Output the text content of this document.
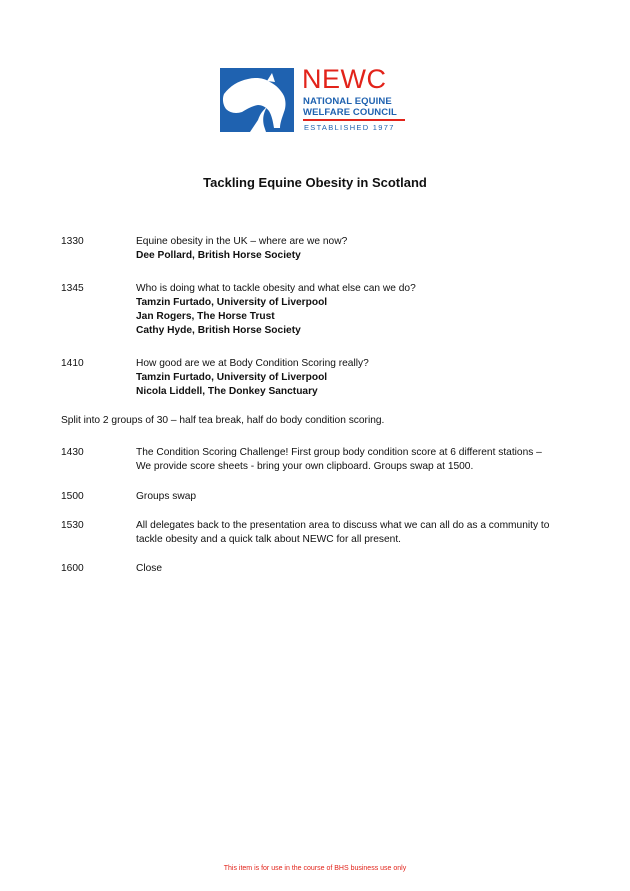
NEWC
NATIONAL EQUINE
WELFARE COUNCIL
ESTABLISHED 1977
Tackling Equine Obesity in Scotland
1330	Equine obesity in the UK – where are we now?
Dee Pollard, British Horse Society
1345	Who is doing what to tackle obesity and what else can we do?
Tamzin Furtado, University of Liverpool
Jan Rogers, The Horse Trust
Cathy Hyde, British Horse Society
1410	How good are we at Body Condition Scoring really?
Tamzin Furtado, University of Liverpool
Nicola Liddell, The Donkey Sanctuary

Split into 2 groups of 30 – half tea break, half do body condition scoring.

1430	The Condition Scoring Challenge! First group body condition score at 6 different stations –
We provide score sheets - bring your own clipboard. Groups swap at 1500.
1500	Groups swap
1530	All delegates back to the presentation area to discuss what we can all do as a community to
tackle obesity and a quick talk about NEWC for all present.
1600	Close
This item is for use in the course of BHS business use only
